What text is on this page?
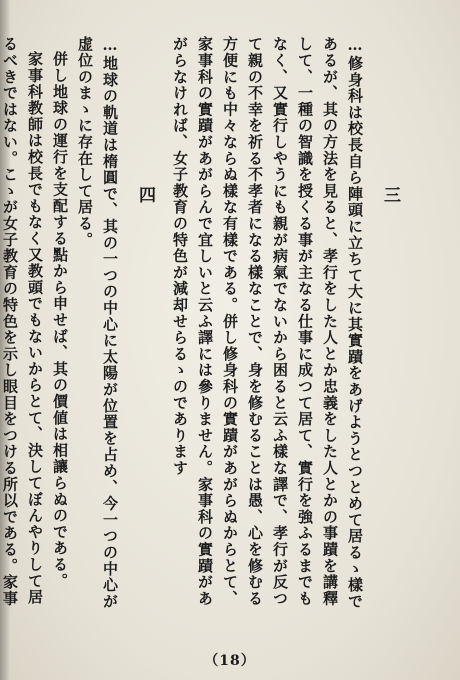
三

…修身科は校長自ら陣頭に立ちて大に其實蹟をあげようとつとめて居るゝ樣であるが、其の方法を見ると、孝行をした人とか忠義をした人とかの事蹟を講釋して、一種の智識を授くる事が主なる仕事に成つて居て、實行を強ふるまでもなく、又實行しやうにも親が病氣でないから困ると云ふ樣な譯で、孝行が反つて親の不幸を祈る不孝者になる樣なことで、身を修むることは愚、心を修むる方便にも中々ならぬ樣な有樣である。併し修身科の實蹟があがらぬからとて、家事科の實蹟があがらんで宜しいと云ふ譯には參りません。家事科の實蹟があがらなければ、女子教育の特色が減却せらるゝのであります

四

…地球の軌道は楕圓で、其の一つの中心に太陽が位置を占め、今一つの中心が虚位のまゝに存在して居る。

併し地球の運行を支配する點から申せば、其の價値は相讓らぬのである。

家事科教師は校長でもなく又教頭でもないからとて、決してぼんやりして居るべきではない。こゝが女子教育の特色を示し眼目をつける所以である。家事

（18）
